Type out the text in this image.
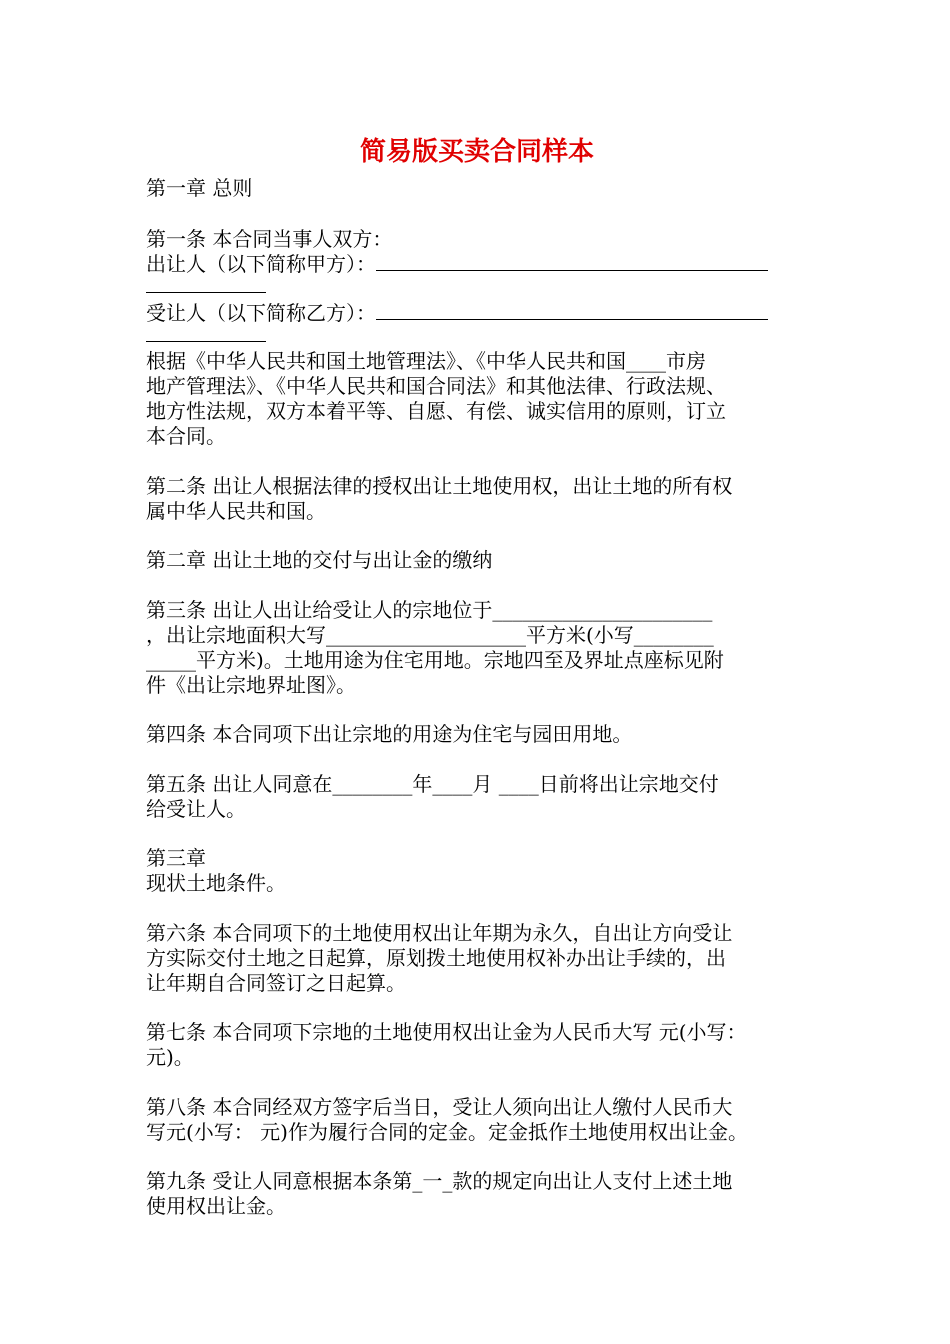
简易版买卖合同样本

第一章 总则

第一条 本合同当事人双方：

出让人（以下简称甲方）：

受让人（以下简称乙方）：

根据《中华人民共和国土地管理法》、《中华人民共和国____市房

地产管理法》、《中华人民共和国合同法》和其他法律、行政法规、

地方性法规，双方本着平等、自愿、有偿、诚实信用的原则，订立

本合同。

第二条 出让人根据法律的授权出让土地使用权，出让土地的所有权

属中华人民共和国。

第二章 出让土地的交付与出让金的缴纳

第三条 出让人出让给受让人的宗地位于______________________

，出让宗地面积大写____________________平方米(小写________

_____平方米)。土地用途为住宅用地。宗地四至及界址点座标见附

件《出让宗地界址图》。

第四条 本合同项下出让宗地的用途为住宅与园田用地。

第五条 出让人同意在________年____月 ____日前将出让宗地交付

给受让人。

第三章

现状土地条件。

第六条 本合同项下的土地使用权出让年期为永久，自出让方向受让

方实际交付土地之日起算，原划拨土地使用权补办出让手续的，出

让年期自合同签订之日起算。

第七条 本合同项下宗地的土地使用权出让金为人民币大写 元(小写：

元)。

第八条 本合同经双方签字后当日，受让人须向出让人缴付人民币大

写元(小写： 元)作为履行合同的定金。定金抵作土地使用权出让金。

第九条 受让人同意根据本条第_一_款的规定向出让人支付上述土地

使用权出让金。
